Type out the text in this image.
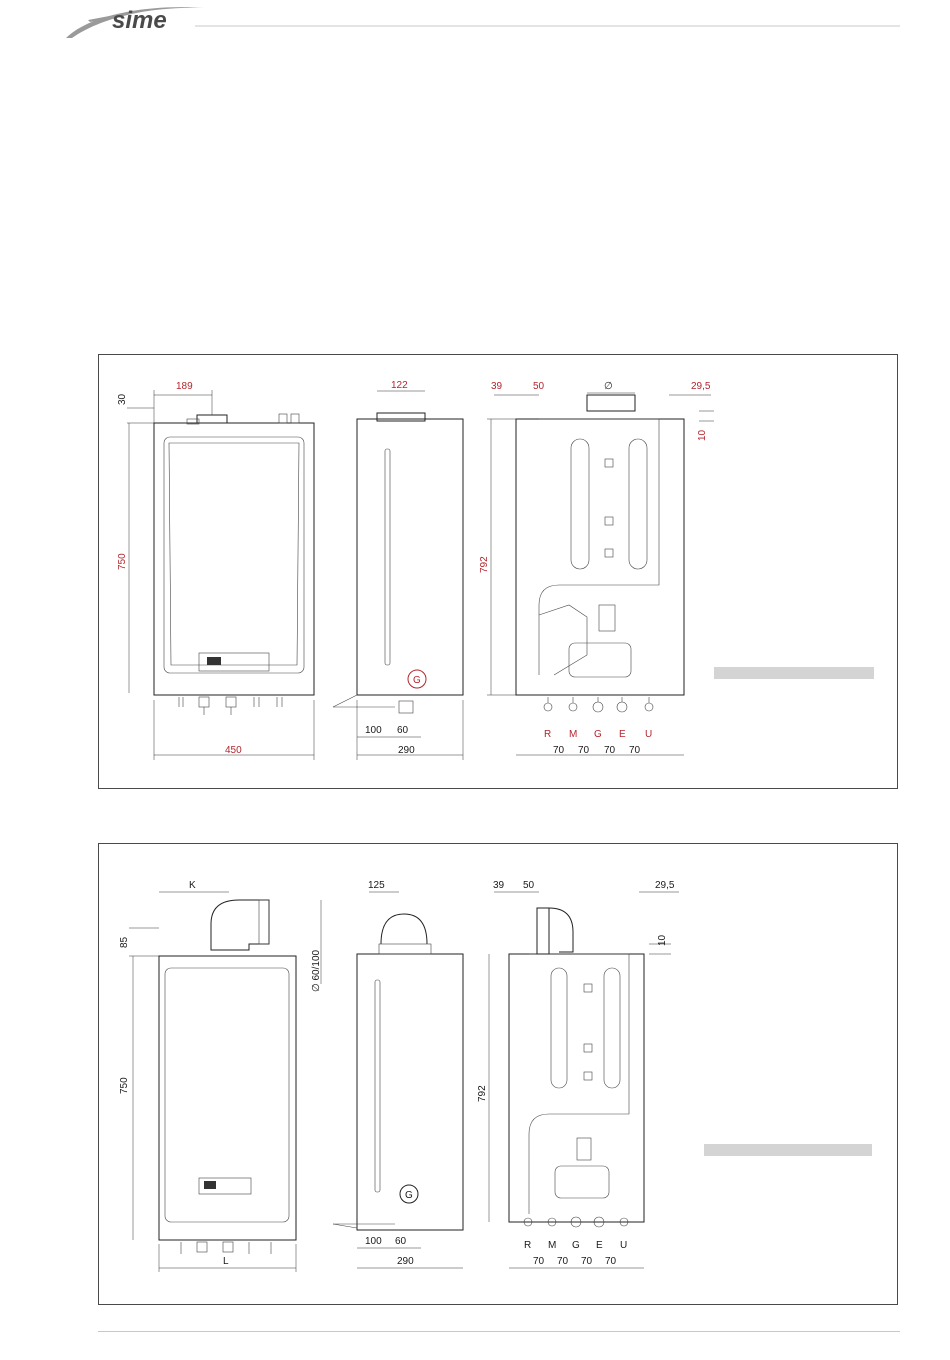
sime
189
30
750
450
G
122
100 60
290
39	50	∅	29,5
10
792
R M G E U
70 70 70 70
K
85
750
∅ 60/100
L
G
125
100 60
290
39 50	29,5
10
792
R M G E U
70 70 70 70
